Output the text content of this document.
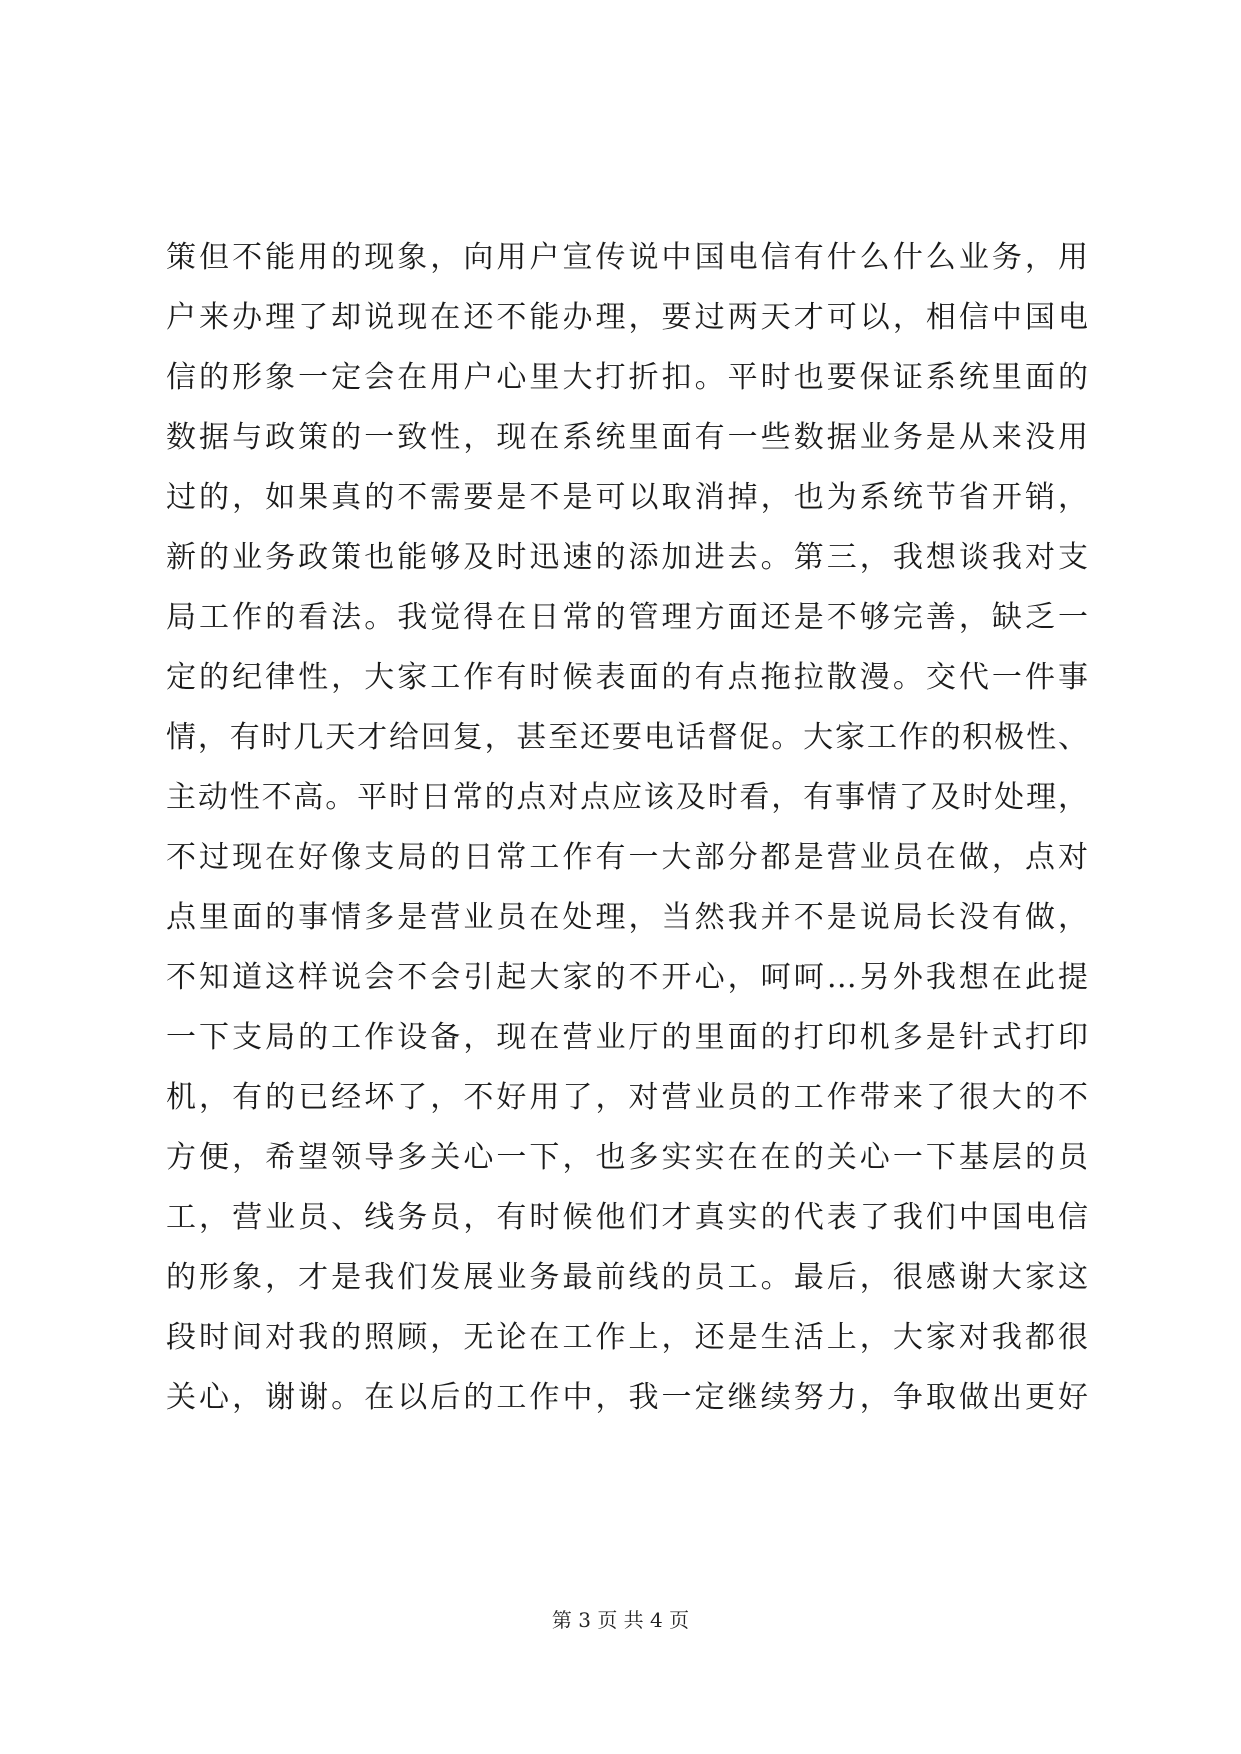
策但不能用的现象，向用户宣传说中国电信有什么什么业务，用
户来办理了却说现在还不能办理，要过两天才可以，相信中国电
信的形象一定会在用户心里大打折扣。平时也要保证系统里面的
数据与政策的一致性，现在系统里面有一些数据业务是从来没用
过的，如果真的不需要是不是可以取消掉，也为系统节省开销，
新的业务政策也能够及时迅速的添加进去。第三，我想谈我对支
局工作的看法。我觉得在日常的管理方面还是不够完善，缺乏一
定的纪律性，大家工作有时候表面的有点拖拉散漫。交代一件事
情，有时几天才给回复，甚至还要电话督促。大家工作的积极性、
主动性不高。平时日常的点对点应该及时看，有事情了及时处理，
不过现在好像支局的日常工作有一大部分都是营业员在做，点对
点里面的事情多是营业员在处理，当然我并不是说局长没有做，
不知道这样说会不会引起大家的不开心，呵呵…另外我想在此提
一下支局的工作设备，现在营业厅的里面的打印机多是针式打印
机，有的已经坏了，不好用了，对营业员的工作带来了很大的不
方便，希望领导多关心一下，也多实实在在的关心一下基层的员
工，营业员、线务员，有时候他们才真实的代表了我们中国电信
的形象，才是我们发展业务最前线的员工。最后，很感谢大家这
段时间对我的照顾，无论在工作上，还是生活上，大家对我都很
关心，谢谢。在以后的工作中，我一定继续努力，争取做出更好
第 3 页 共 4 页
